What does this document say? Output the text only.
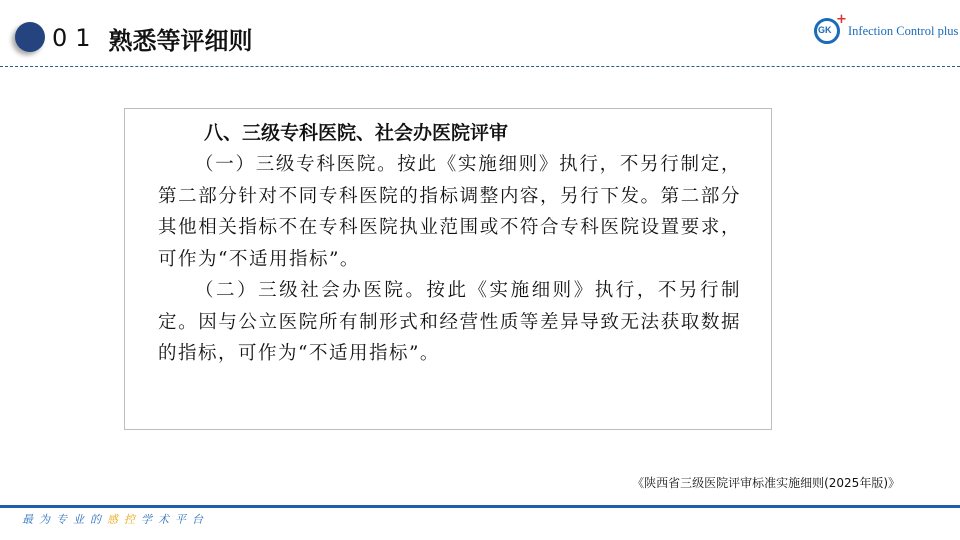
01 熟悉等评细则	GK
+
Infection Control plus
八、三级专科医院、社会办医院评审

（一）三级专科医院。按此《实施细则》执行，不另行制定，第二部分针对不同专科医院的指标调整内容，另行下发。第二部分其他相关指标不在专科医院执业范围或不符合专科医院设置要求，可作为“不适用指标”。

（二）三级社会办医院。按此《实施细则》执行，不另行制定。因与公立医院所有制形式和经营性质等差异导致无法获取数据的指标，可作为“不适用指标”。

《陕西省三级医院评审标准实施细则(2025年版)》
最为专业的感控学术平台
